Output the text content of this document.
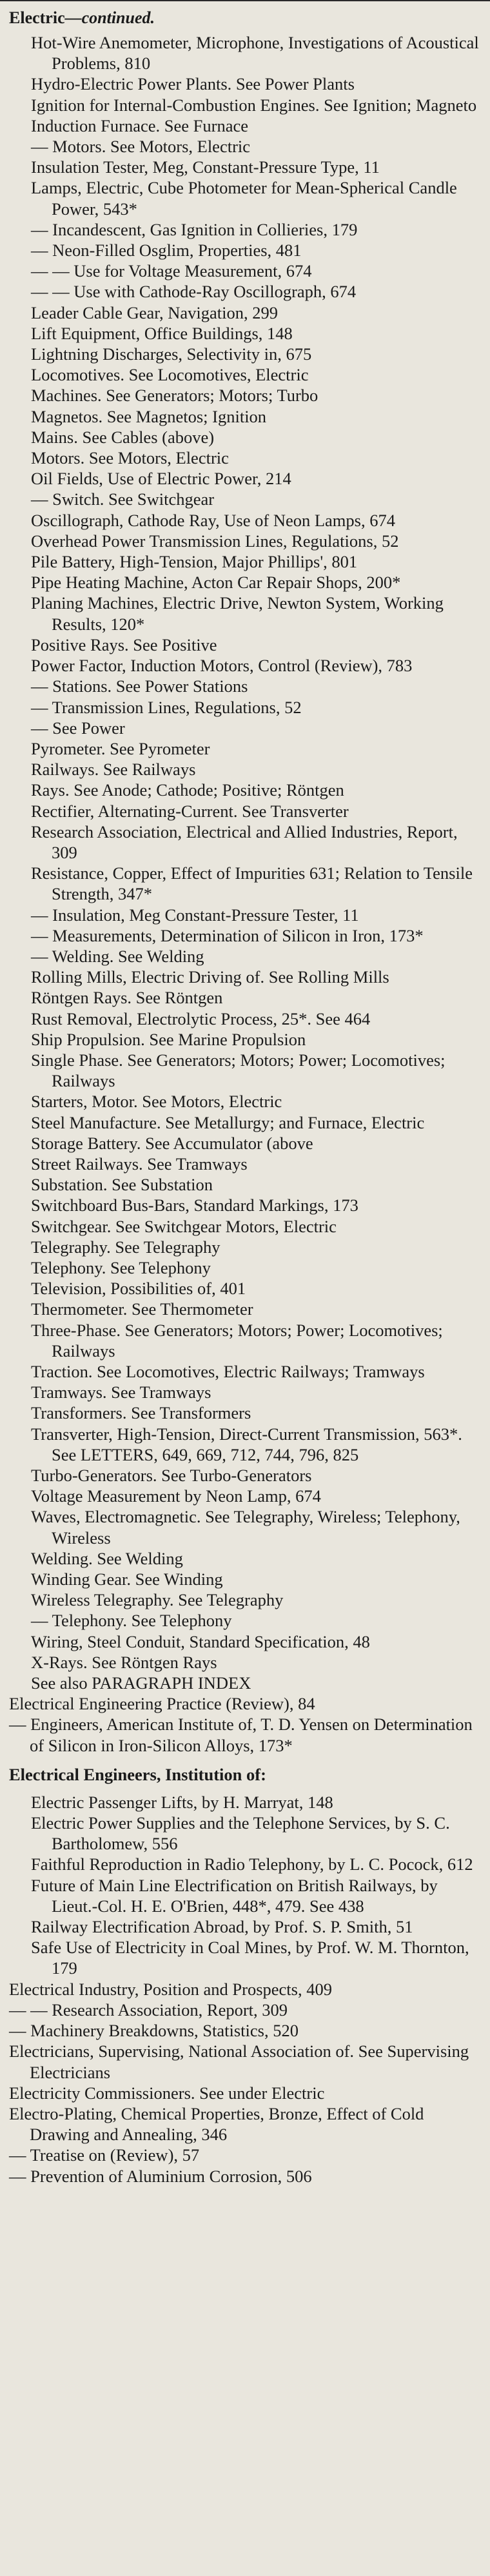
Electric—continued.

Hot-Wire Anemometer, Microphone, Investigations of Acoustical Problems, 810

Hydro-Electric Power Plants. See Power Plants

Ignition for Internal-Combustion Engines. See Ignition; Magneto

Induction Furnace. See Furnace

— Motors. See Motors, Electric

Insulation Tester, Meg, Constant-Pressure Type, 11

Lamps, Electric, Cube Photometer for Mean-Spherical Candle Power, 543*

— Incandescent, Gas Ignition in Collieries, 179

— Neon-Filled Osglim, Properties, 481

— — Use for Voltage Measurement, 674

— — Use with Cathode-Ray Oscillograph, 674

Leader Cable Gear, Navigation, 299

Lift Equipment, Office Buildings, 148

Lightning Discharges, Selectivity in, 675

Locomotives. See Locomotives, Electric

Machines. See Generators; Motors; Turbo

Magnetos. See Magnetos; Ignition

Mains. See Cables (above)

Motors. See Motors, Electric

Oil Fields, Use of Electric Power, 214

— Switch. See Switchgear

Oscillograph, Cathode Ray, Use of Neon Lamps, 674

Overhead Power Transmission Lines, Regulations, 52

Pile Battery, High-Tension, Major Phillips', 801

Pipe Heating Machine, Acton Car Repair Shops, 200*

Planing Machines, Electric Drive, Newton System, Working Results, 120*

Positive Rays. See Positive

Power Factor, Induction Motors, Control (Review), 783

— Stations. See Power Stations

— Transmission Lines, Regulations, 52

— See Power

Pyrometer. See Pyrometer

Railways. See Railways

Rays. See Anode; Cathode; Positive; Röntgen

Rectifier, Alternating-Current. See Transverter

Research Association, Electrical and Allied Industries, Report, 309

Resistance, Copper, Effect of Impurities 631; Relation to Tensile Strength, 347*

— Insulation, Meg Constant-Pressure Tester, 11

— Measurements, Determination of Silicon in Iron, 173*

— Welding. See Welding

Rolling Mills, Electric Driving of. See Rolling Mills

Röntgen Rays. See Röntgen

Rust Removal, Electrolytic Process, 25*. See 464

Ship Propulsion. See Marine Propulsion

Single Phase. See Generators; Motors; Power; Locomotives; Railways

Starters, Motor. See Motors, Electric

Steel Manufacture. See Metallurgy; and Furnace, Electric

Storage Battery. See Accumulator (above

Street Railways. See Tramways

Substation. See Substation

Switchboard Bus-Bars, Standard Markings, 173

Switchgear. See Switchgear Motors, Electric

Telegraphy. See Telegraphy

Telephony. See Telephony

Television, Possibilities of, 401

Thermometer. See Thermometer

Three-Phase. See Generators; Motors; Power; Locomotives; Railways

Traction. See Locomotives, Electric Railways; Tramways

Tramways. See Tramways

Transformers. See Transformers

Transverter, High-Tension, Direct-Current Transmission, 563*. See LETTERS, 649, 669, 712, 744, 796, 825

Turbo-Generators. See Turbo-Generators

Voltage Measurement by Neon Lamp, 674

Waves, Electromagnetic. See Telegraphy, Wireless; Telephony, Wireless

Welding. See Welding

Winding Gear. See Winding

Wireless Telegraphy. See Telegraphy

— Telephony. See Telephony

Wiring, Steel Conduit, Standard Specification, 48

X-Rays. See Röntgen Rays

See also PARAGRAPH INDEX

Electrical Engineering Practice (Review), 84

— Engineers, American Institute of, T. D. Yensen on Determination of Silicon in Iron-Silicon Alloys, 173*

Electrical Engineers, Institution of:

Electric Passenger Lifts, by H. Marryat, 148

Electric Power Supplies and the Telephone Services, by S. C. Bartholomew, 556

Faithful Reproduction in Radio Telephony, by L. C. Pocock, 612

Future of Main Line Electrification on British Railways, by Lieut.-Col. H. E. O'Brien, 448*, 479. See 438

Railway Electrification Abroad, by Prof. S. P. Smith, 51

Safe Use of Electricity in Coal Mines, by Prof. W. M. Thornton, 179

Electrical Industry, Position and Prospects, 409

— — Research Association, Report, 309

— Machinery Breakdowns, Statistics, 520

Electricians, Supervising, National Association of. See Supervising Electricians

Electricity Commissioners. See under Electric

Electro-Plating, Chemical Properties, Bronze, Effect of Cold Drawing and Annealing, 346

— Treatise on (Review), 57

— Prevention of Aluminium Corrosion, 506
